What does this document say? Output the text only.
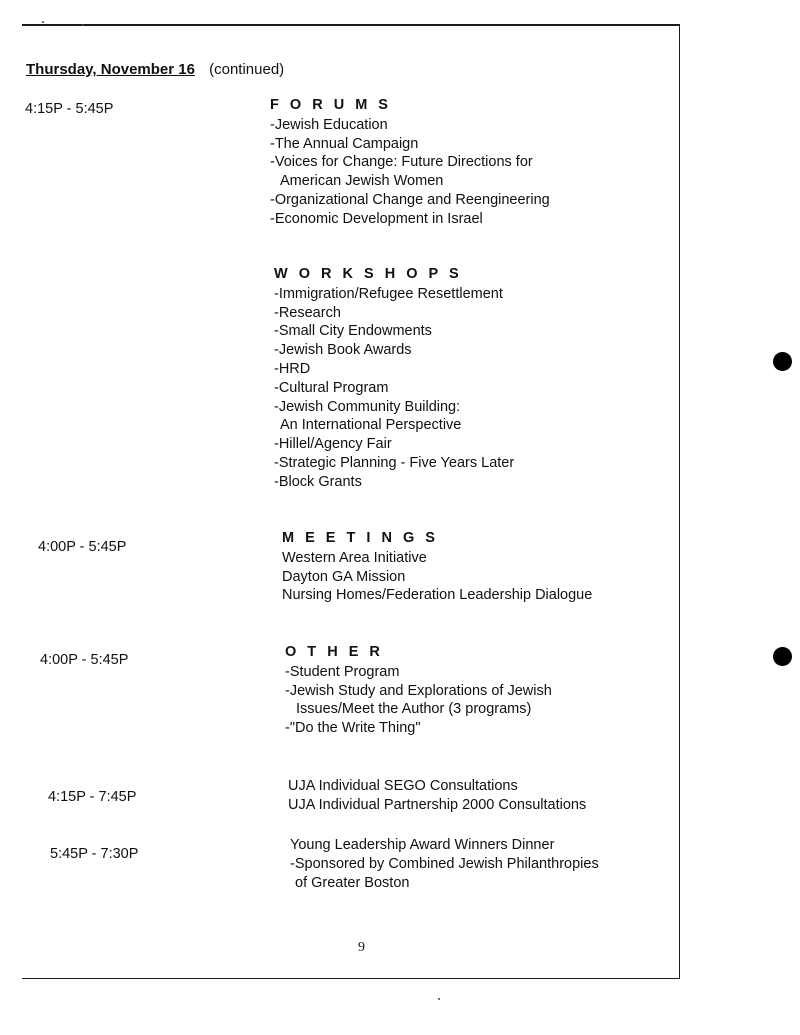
Thursday, November 16 (continued)
4:15P - 5:45P	F O R U M S
-Jewish Education
-The Annual Campaign
-Voices for Change: Future Directions for
American Jewish Women
-Organizational Change and Reengineering
-Economic Development in Israel
W O R K S H O P S
-Immigration/Refugee Resettlement
-Research
-Small City Endowments
-Jewish Book Awards
-HRD
-Cultural Program
-Jewish Community Building:
An International Perspective
-Hillel/Agency Fair
-Strategic Planning - Five Years Later
-Block Grants
4:00P - 5:45P
M E E T I N G S
Western Area Initiative
Dayton GA Mission
Nursing Homes/Federation Leadership Dialogue
4:00P - 5:45P	O T H E R
-Student Program
-Jewish Study and Explorations of Jewish
Issues/Meet the Author (3 programs)
-"Do the Write Thing"
4:15P - 7:45P
UJA Individual SEGO Consultations
UJA Individual Partnership 2000 Consultations
5:45P - 7:30P
Young Leadership Award Winners Dinner
-Sponsored by Combined Jewish Philanthropies
of Greater Boston
9
